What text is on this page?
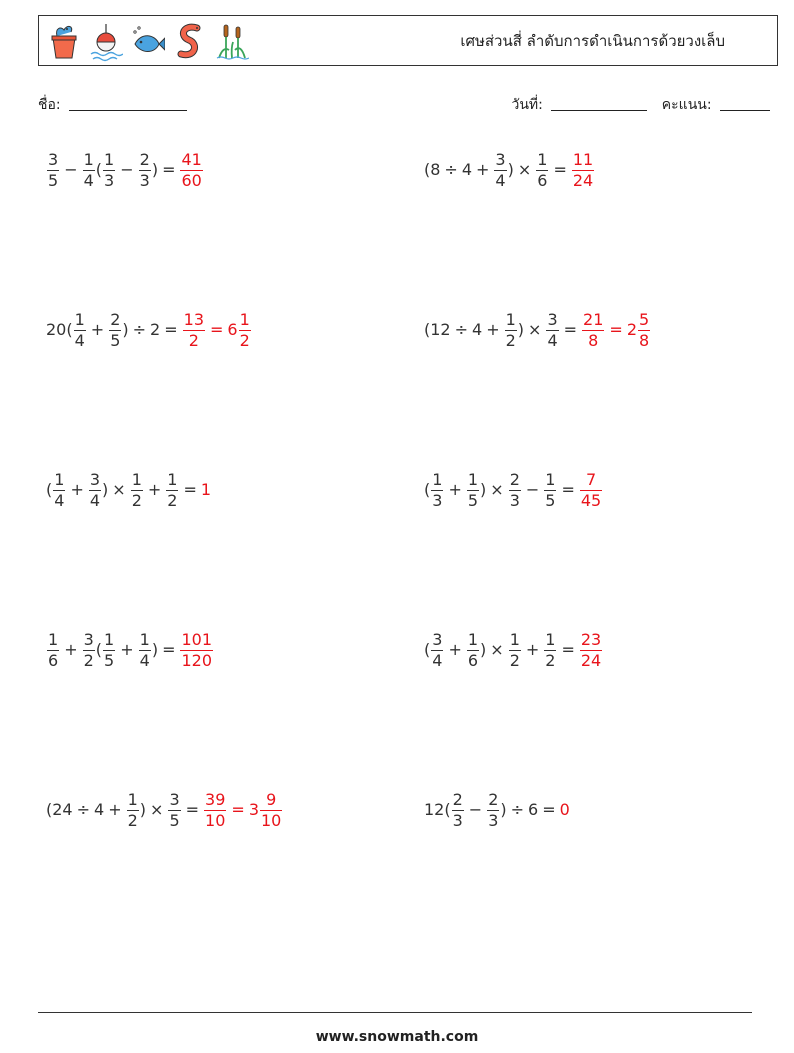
เศษส่วนสี่ ลำดับการดำเนินการด้วยวงเล็บ
ชื่อ:	วันที่:	คะแนน:
$\frac{3}{5} - \frac{1}{4}$ ( $\frac{1}{3} - \frac{2}{3}$ ) = $\frac{41}{60}$	($8 \div 4 + \frac{3}{4}$ ) × $\frac{1}{6} = \frac{11}{24}$
$20( \frac{1}{4} + \frac{2}{5}$ ) ÷ $2 = \frac{13}{2} = 6 \frac{1}{2}$	($12 \div 4 + \frac{1}{2}$ ) × $\frac{3}{4} = \frac{21}{8} = 2 \frac{5}{8}$
( $\frac{1}{4} + \frac{3}{4}$ ) × $\frac{1}{2} + \frac{1}{2} = 1$	( $\frac{1}{3} + \frac{1}{5}$ ) × $\frac{2}{3} - \frac{1}{5} = \frac{7}{45}$
$\frac{1}{6} + \frac{3}{2}$ ( $\frac{1}{5} + \frac{1}{4}$ ) = $\frac{101}{120}$	( $\frac{3}{4} + \frac{1}{6}$ ) × $\frac{1}{2} + \frac{1}{2} = \frac{23}{24}$
($24 \div 4 + \frac{1}{2}$ ) × $\frac{3}{5} = \frac{39}{10} = 3 \frac{9}{10}$	$12( \frac{2}{3} - \frac{2}{3}$ ) ÷ 6 = 0
www.snowmath.com
